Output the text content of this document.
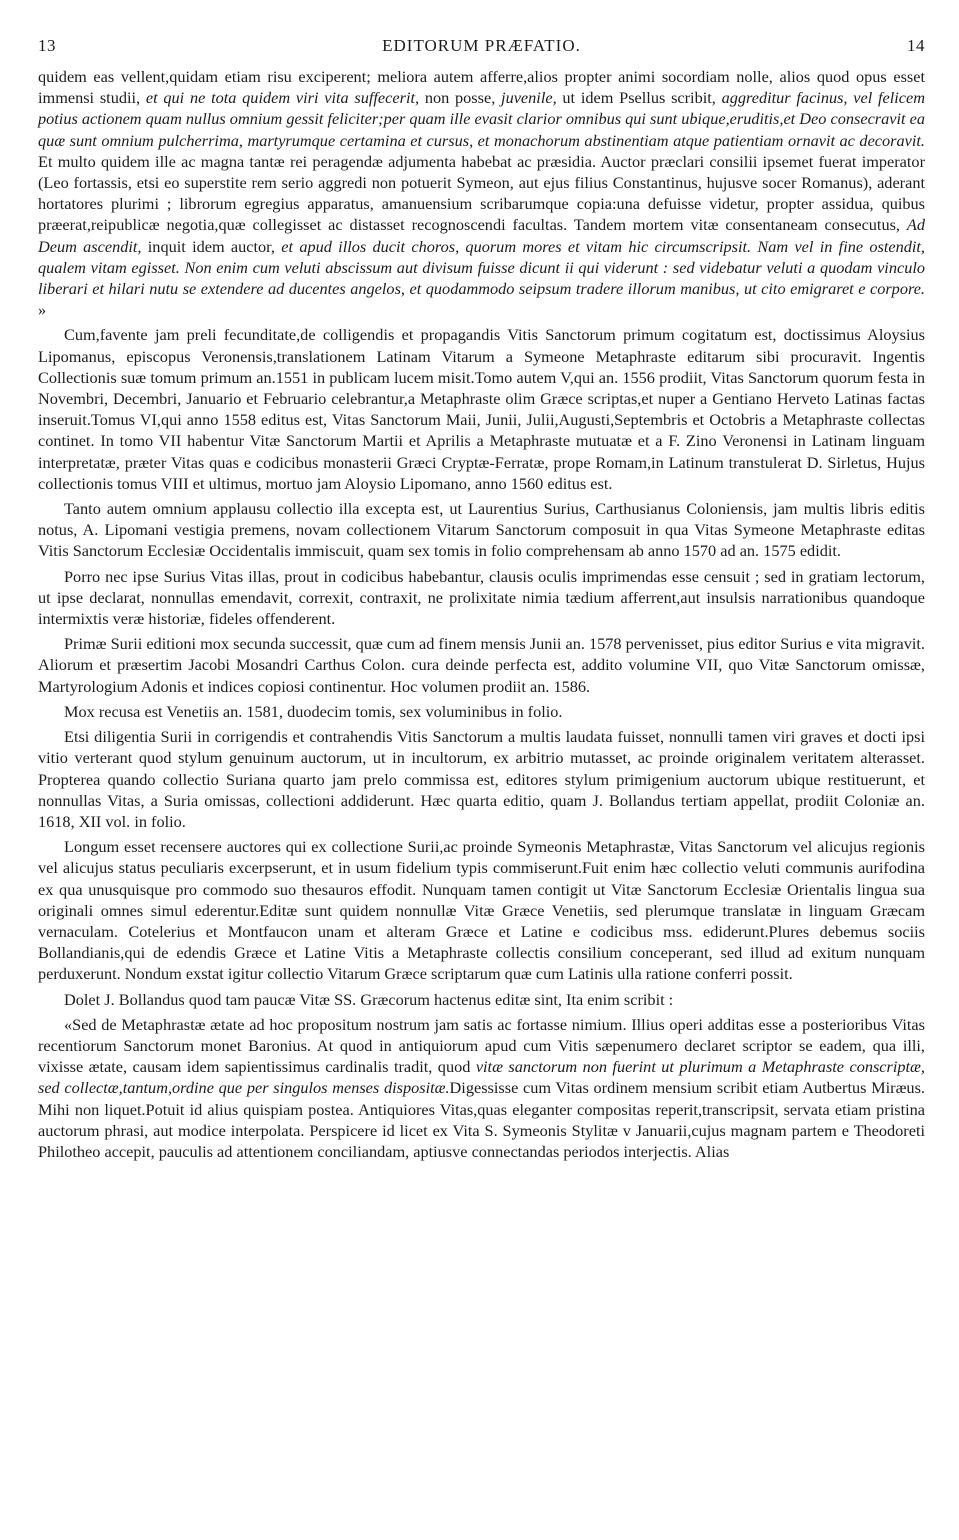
13	EDITORUM PRÆFATIO.	14

quidem eas vellent,quidam etiam risu exciperent; meliora autem afferre,alios propter animi socordiam nolle, alios quod opus esset immensi studii, et qui ne tota quidem viri vita suffecerit, non posse, juvenile, ut idem Psellus scribit, aggreditur facinus, vel felicem potius actionem quam nullus omnium gessit feliciter;per quam ille evasit clarior omnibus qui sunt ubique,eruditis,et Deo consecravit ea quæ sunt omnium pulcherrima, martyrumque certamina et cursus, et monachorum abstinentiam atque patientiam ornavit ac decoravit. Et multo quidem ille ac magna tantæ rei peragendæ adjumenta habebat ac præsidia. Auctor præclari consilii ipsemet fuerat imperator (Leo fortassis, etsi eo superstite rem serio aggredi non potuerit Symeon, aut ejus filius Constantinus, hujusve socer Romanus), aderant hortatores plurimi ; librorum egregius apparatus, amanuensium scribarumque copia:una defuisse videtur, propter assidua, quibus præerat,reipublicæ negotia,quæ collegisset ac distasset recognoscendi facultas. Tandem mortem vitæ consentaneam consecutus, Ad Deum ascendit, inquit idem auctor, et apud illos ducit choros, quorum mores et vitam hic circumscripsit. Nam vel in fine ostendit, qualem vitam egisset. Non enim cum veluti abscissum aut divisum fuisse dicunt ii qui viderunt : sed videbatur veluti a quodam vinculo liberari et hilari nutu se extendere ad ducentes angelos, et quodammodo seipsum tradere illorum manibus, ut cito emigraret e corpore. »

Cum,favente jam preli fecunditate,de colligendis et propagandis Vitis Sanctorum primum cogitatum est, doctissimus Aloysius Lipomanus, episcopus Veronensis,translationem Latinam Vitarum a Symeone Metaphraste editarum sibi procuravit. Ingentis Collectionis suæ tomum primum an.1551 in publicam lucem misit.Tomo autem V,qui an. 1556 prodiit, Vitas Sanctorum quorum festa in Novembri, Decembri, Januario et Februario celebrantur,a Metaphraste olim Græce scriptas,et nuper a Gentiano Herveto Latinas factas inseruit.Tomus VI,qui anno 1558 editus est, Vitas Sanctorum Maii, Junii, Julii,Augusti,Septembris et Octobris a Metaphraste collectas continet. In tomo VII habentur Vitæ Sanctorum Martii et Aprilis a Metaphraste mutuatæ et a F. Zino Veronensi in Latinam linguam interpretatæ, præter Vitas quas e codicibus monasterii Græci Cryptæ-Ferratæ, prope Romam,in Latinum transtulerat D. Sirletus, Hujus collectionis tomus VIII et ultimus, mortuo jam Aloysio Lipomano, anno 1560 editus est.

Tanto autem omnium applausu collectio illa excepta est, ut Laurentius Surius, Carthusianus Coloniensis, jam multis libris editis notus, A. Lipomani vestigia premens, novam collectionem Vitarum Sanctorum composuit in qua Vitas Symeone Metaphraste editas Vitis Sanctorum Ecclesiæ Occidentalis immiscuit, quam sex tomis in folio comprehensam ab anno 1570 ad an. 1575 edidit.

Porro nec ipse Surius Vitas illas, prout in codicibus habebantur, clausis oculis imprimendas esse censuit ; sed in gratiam lectorum, ut ipse declarat, nonnullas emendavit, correxit, contraxit, ne prolixitate nimia tædium afferrent,aut insulsis narrationibus quandoque intermixtis veræ historiæ, fideles offenderent.

Primæ Surii editioni mox secunda successit, quæ cum ad finem mensis Junii an. 1578 pervenisset, pius editor Surius e vita migravit. Aliorum et præsertim Jacobi Mosandri Carthus Colon. cura deinde perfecta est, addito volumine VII, quo Vitæ Sanctorum omissæ, Martyrologium Adonis et indices copiosi continentur. Hoc volumen prodiit an. 1586.

Mox recusa est Venetiis an. 1581, duodecim tomis, sex voluminibus in folio.

Etsi diligentia Surii in corrigendis et contrahendis Vitis Sanctorum a multis laudata fuisset, nonnulli tamen viri graves et docti ipsi vitio verterant quod stylum genuinum auctorum, ut in incultorum, ex arbitrio mutasset, ac proinde originalem veritatem alterasset. Propterea quando collectio Suriana quarto jam prelo commissa est, editores stylum primigenium auctorum ubique restituerunt, et nonnullas Vitas, a Suria omissas, collectioni addiderunt. Hæc quarta editio, quam J. Bollandus tertiam appellat, prodiit Coloniæ an. 1618, XII vol. in folio.

Longum esset recensere auctores qui ex collectione Surii,ac proinde Symeonis Metaphrastæ, Vitas Sanctorum vel alicujus regionis vel alicujus status peculiaris excerpserunt, et in usum fidelium typis commiserunt.Fuit enim hæc collectio veluti communis aurifodina ex qua unusquisque pro commodo suo thesauros effodit. Nunquam tamen contigit ut Vitæ Sanctorum Ecclesiæ Orientalis lingua sua originali omnes simul ederentur.Editæ sunt quidem nonnullæ Vitæ Græce Venetiis, sed plerumque translatæ in linguam Græcam vernaculam. Cotelerius et Montfaucon unam et alteram Græce et Latine e codicibus mss. ediderunt.Plures debemus sociis Bollandianis,qui de edendis Græce et Latine Vitis a Metaphraste collectis consilium conceperant, sed illud ad exitum nunquam perduxerunt. Nondum exstat igitur collectio Vitarum Græce scriptarum quæ cum Latinis ulla ratione conferri possit.

Dolet J. Bollandus quod tam paucæ Vitæ SS. Græcorum hactenus editæ sint, Ita enim scribit :

«Sed de Metaphrastæ ætate ad hoc propositum nostrum jam satis ac fortasse nimium. Illius operi additas esse a posterioribus Vitas recentiorum Sanctorum monet Baronius. At quod in antiquiorum apud cum Vitis sæpenumero declaret scriptor se eadem, qua illi, vixisse ætate, causam idem sapientissimus cardinalis tradit, quod vitæ sanctorum non fuerint ut plurimum a Metaphraste conscriptæ, sed collectæ,tantum,ordine que per singulos menses dispositæ.Digessisse cum Vitas ordinem mensium scribit etiam Autbertus Miræus. Mihi non liquet.Potuit id alius quispiam postea. Antiquiores Vitas,quas eleganter compositas reperit,transcripsit, servata etiam pristina auctorum phrasi, aut modice interpolata. Perspicere id licet ex Vita S. Symeonis Stylitæ v Januarii,cujus magnam partem e Theodoreti Philotheo accepit, pauculis ad attentionem conciliandam, aptiusve connectandas periodos interjectis. Alias
